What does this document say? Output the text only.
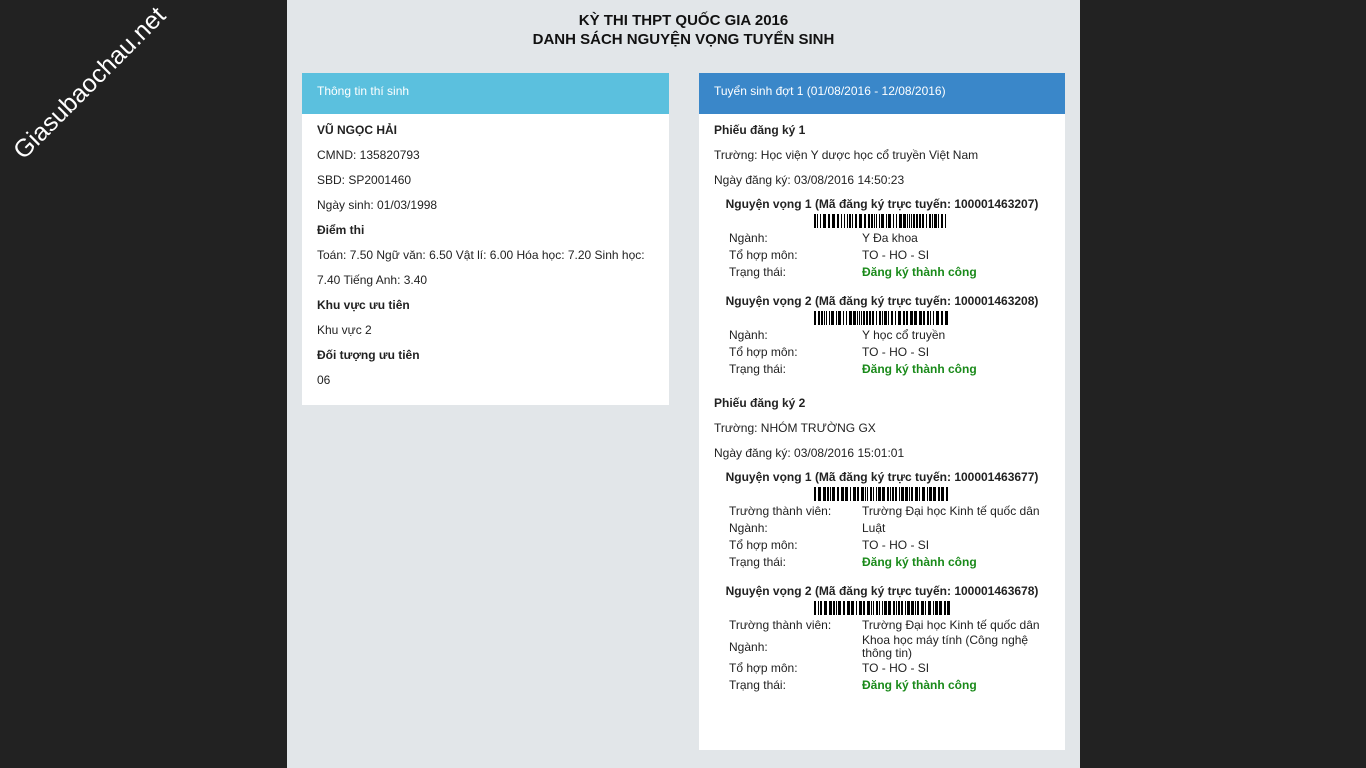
Giasubaochau.net	KỲ THI THPT QUỐC GIA 2016
DANH SÁCH NGUYỆN VỌNG TUYỂN SINH
Thông tin thí sinh
VŨ NGỌC HẢI
CMND: 135820793
SBD: SP2001460
Ngày sinh: 01/03/1998
Điểm thi
Toán: 7.50 Ngữ văn: 6.50 Vật lí: 6.00 Hóa học: 7.20 Sinh học:
7.40 Tiếng Anh: 3.40
Khu vực ưu tiên
Khu vực 2
Đối tượng ưu tiên
06
Tuyển sinh đợt 1 (01/08/2016 - 12/08/2016)
Phiếu đăng ký 1
Trường: Học viện Y dược học cổ truyền Việt Nam
Ngày đăng ký: 03/08/2016 14:50:23
Nguyện vọng 1 (Mã đăng ký trực tuyến: 100001463207)
Ngành:	Y Đa khoa
Tổ hợp môn:	TO - HO - SI
Trạng thái:	Đăng ký thành công
Nguyện vọng 2 (Mã đăng ký trực tuyến: 100001463208)
Ngành:	Y học cổ truyền
Tổ hợp môn:	TO - HO - SI
Trạng thái:	Đăng ký thành công
Phiếu đăng ký 2
Trường: NHÓM TRƯỜNG GX
Ngày đăng ký: 03/08/2016 15:01:01
Nguyện vọng 1 (Mã đăng ký trực tuyến: 100001463677)
Trường thành viên:	Trường Đại học Kinh tế quốc dân
Ngành:	Luật
Tổ hợp môn:	TO - HO - SI
Trạng thái:	Đăng ký thành công
Nguyện vọng 2 (Mã đăng ký trực tuyến: 100001463678)
Trường thành viên:	Trường Đại học Kinh tế quốc dân
Ngành:	Khoa học máy tính (Công nghệ thông tin)
Tổ hợp môn:	TO - HO - SI
Trạng thái:	Đăng ký thành công
